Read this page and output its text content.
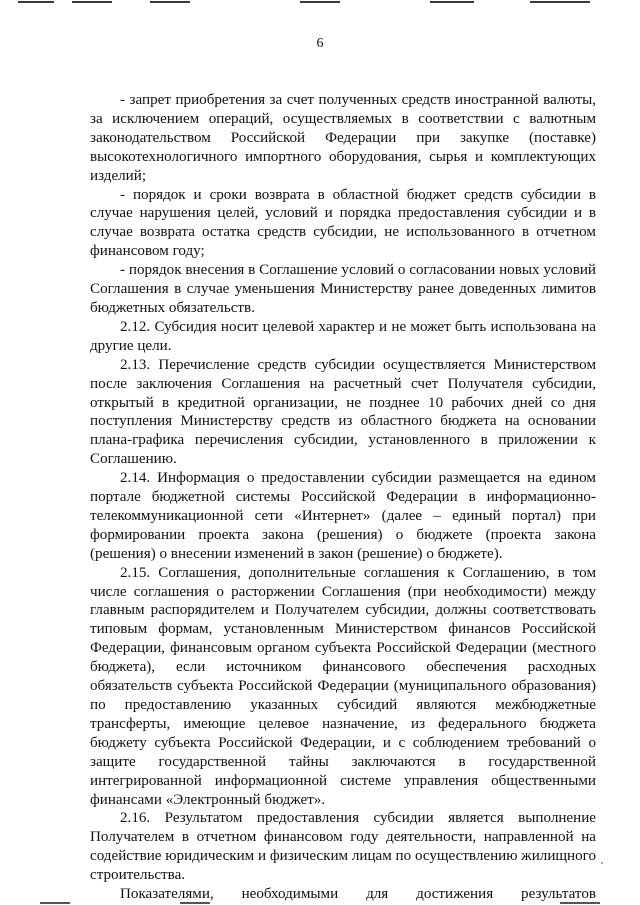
6

- запрет приобретения за счет полученных средств иностранной валюты, за исключением операций, осуществляемых в соответствии с валютным законодательством Российской Федерации при закупке (поставке) высокотехнологичного импортного оборудования, сырья и комплектующих изделий;

- порядок и сроки возврата в областной бюджет средств субсидии в случае нарушения целей, условий и порядка предоставления субсидии и в случае возврата остатка средств субсидии, не использованного в отчетном финансовом году;

- порядок внесения в Соглашение условий о согласовании новых условий Соглашения в случае уменьшения Министерству ранее доведенных лимитов бюджетных обязательств.

2.12. Субсидия носит целевой характер и не может быть использована на другие цели.

2.13. Перечисление средств субсидии осуществляется Министерством после заключения Соглашения на расчетный счет Получателя субсидии, открытый в кредитной организации, не позднее 10 рабочих дней со дня поступления Министерству средств из областного бюджета на основании плана-графика перечисления субсидии, установленного в приложении к Соглашению.

2.14. Информация о предоставлении субсидии размещается на едином портале бюджетной системы Российской Федерации в информационно-телекоммуникационной сети «Интернет» (далее – единый портал) при формировании проекта закона (решения) о бюджете (проекта закона (решения) о внесении изменений в закон (решение) о бюджете).

2.15. Соглашения, дополнительные соглашения к Соглашению, в том числе соглашения о расторжении Соглашения (при необходимости) между главным распорядителем и Получателем субсидии, должны соответствовать типовым формам, установленным Министерством финансов Российской Федерации, финансовым органом субъекта Российской Федерации (местного бюджета), если источником финансового обеспечения расходных обязательств субъекта Российской Федерации (муниципального образования) по предоставлению указанных субсидий являются межбюджетные трансферты, имеющие целевое назначение, из федерального бюджета бюджету субъекта Российской Федерации, и с соблюдением требований о защите государственной тайны заключаются в государственной интегрированной информационной системе управления общественными финансами «Электронный бюджет».

2.16. Результатом предоставления субсидии является выполнение Получателем в отчетном финансовом году деятельности, направленной на содействие юридическим и физическим лицам по осуществлению жилищного строительства.

Показателями, необходимыми для достижения результатов
